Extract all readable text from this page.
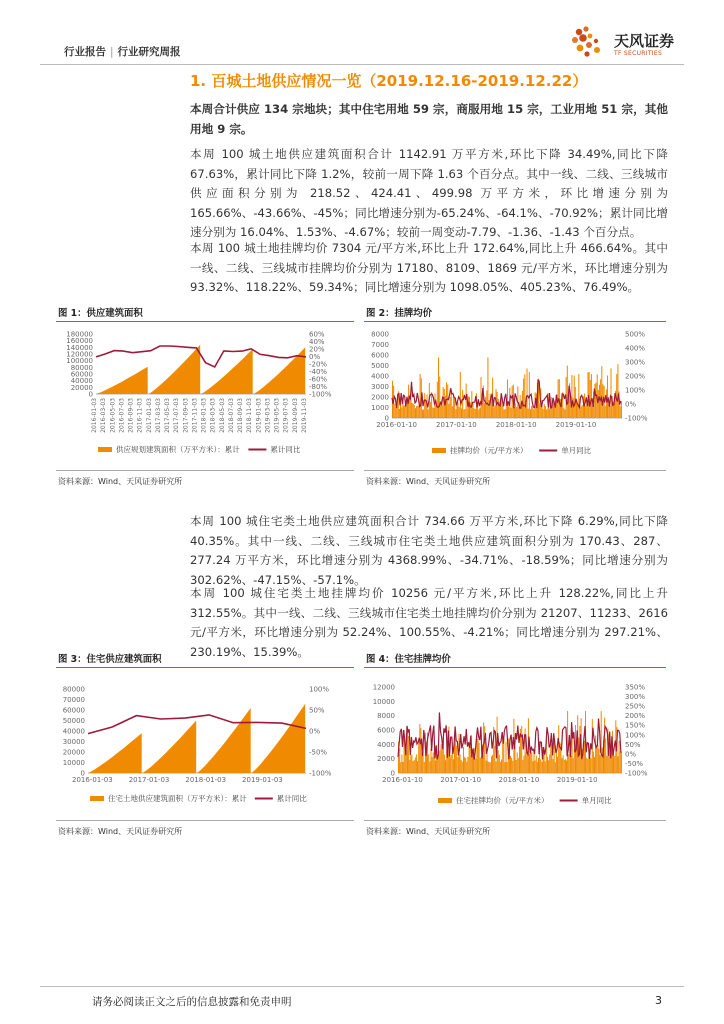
行业报告 | 行业研究周报
天风证券
TF SECURITIES
1. 百城土地供应情况一览（2019.12.16-2019.12.22）
本周合计供应 134 宗地块；其中住宅用地 59 宗，商服用地 15 宗，工业用地 51 宗，其他用地 9 宗。
本周 100 城土地供应建筑面积合计 1142.91 万平方米,环比下降 34.49%,同比下降 67.63%，累计同比下降 1.2%，较前一周下降 1.63 个百分点。其中一线、二线、三线城市供应面积分别为 218.52、424.41、499.98 万平方米，环比增速分别为 165.66%、-43.66%、-45%；同比增速分别为-65.24%、-64.1%、-70.92%；累计同比增速分别为 16.04%、1.53%、-4.67%；较前一周变动-7.79、-1.36、-1.43 个百分点。
本周 100 城土地挂牌均价 7304 元/平方米,环比上升 172.64%,同比上升 466.64%。其中一线、二线、三线城市挂牌均价分别为 17180、8109、1869 元/平方米，环比增速分别为 93.32%、118.22%、59.34%；同比增速分别为 1098.05%、405.23%、76.49%。
图 1：供应建筑面积
0
20000
40000
60000
80000
100000
120000
140000
160000
180000
-100%
-80%
-60%
-40%
-20%
0%
20%
40%
60%
2016-01-03 2016-03-03 2016-05-03 2016-07-03 2016-09-03 2016-11-03 2017-01-03 2017-03-03 2017-05-03 2017-07-03 2017-09-03 2017-11-03 2018-01-03 2018-03-03 2018-05-03 2018-07-03 2018-09-03 2018-11-03 2019-01-03 2019-03-03 2019-05-03 2019-07-03 2019-09-03 2019-11-03
供应规划建筑面积（万平方米）：累计	累计同比
资料来源：Wind、天风证券研究所
图 2：挂牌均价
0
1000
2000
3000
4000
5000
6000
7000
8000
-100%
0%
100%
200%
300%
400%
500%
2016-01-10	2017-01-10	2018-01-10	2019-01-10
挂牌均价（元/平方米）	单月同比
资料来源：Wind、天风证券研究所
本周 100 城住宅类土地供应建筑面积合计 734.66 万平方米,环比下降 6.29%,同比下降 40.35%。其中一线、二线、三线城市住宅类土地供应建筑面积分别为 170.43、287、277.24 万平方米，环比增速分别为 4368.99%、-34.71%、-18.59%；同比增速分别为 302.62%、-47.15%、-57.1%。
本周 100 城住宅类土地挂牌均价 10256 元/平方米,环比上升 128.22%,同比上升 312.55%。其中一线、二线、三线城市住宅类土地挂牌均价分别为 21207、11233、2616 元/平方米，环比增速分别为 52.24%、100.55%、-4.21%；同比增速分别为 297.21%、230.19%、15.39%。
图 3：住宅供应建筑面积
0
10000
20000
30000
40000
50000
60000
70000
80000
-100%
-50%
0%
50%
100%
2016-01-03 2017-01-03 2018-01-03 2019-01-03
住宅土地供应建筑面积（万平方米）：累计	累计同比
资料来源：Wind、天风证券研究所
图 4：住宅挂牌均价
0
2000
4000
6000
8000
10000
12000
-100%
-50%
0%
50%
100%
150%
200%
250%
300%
350%
2016-01-10	2017-01-10	2018-01-10	2019-01-10
住宅挂牌均价（元/平方米）	单月同比
资料来源：Wind、天风证券研究所
请务必阅读正文之后的信息披露和免责申明	3
